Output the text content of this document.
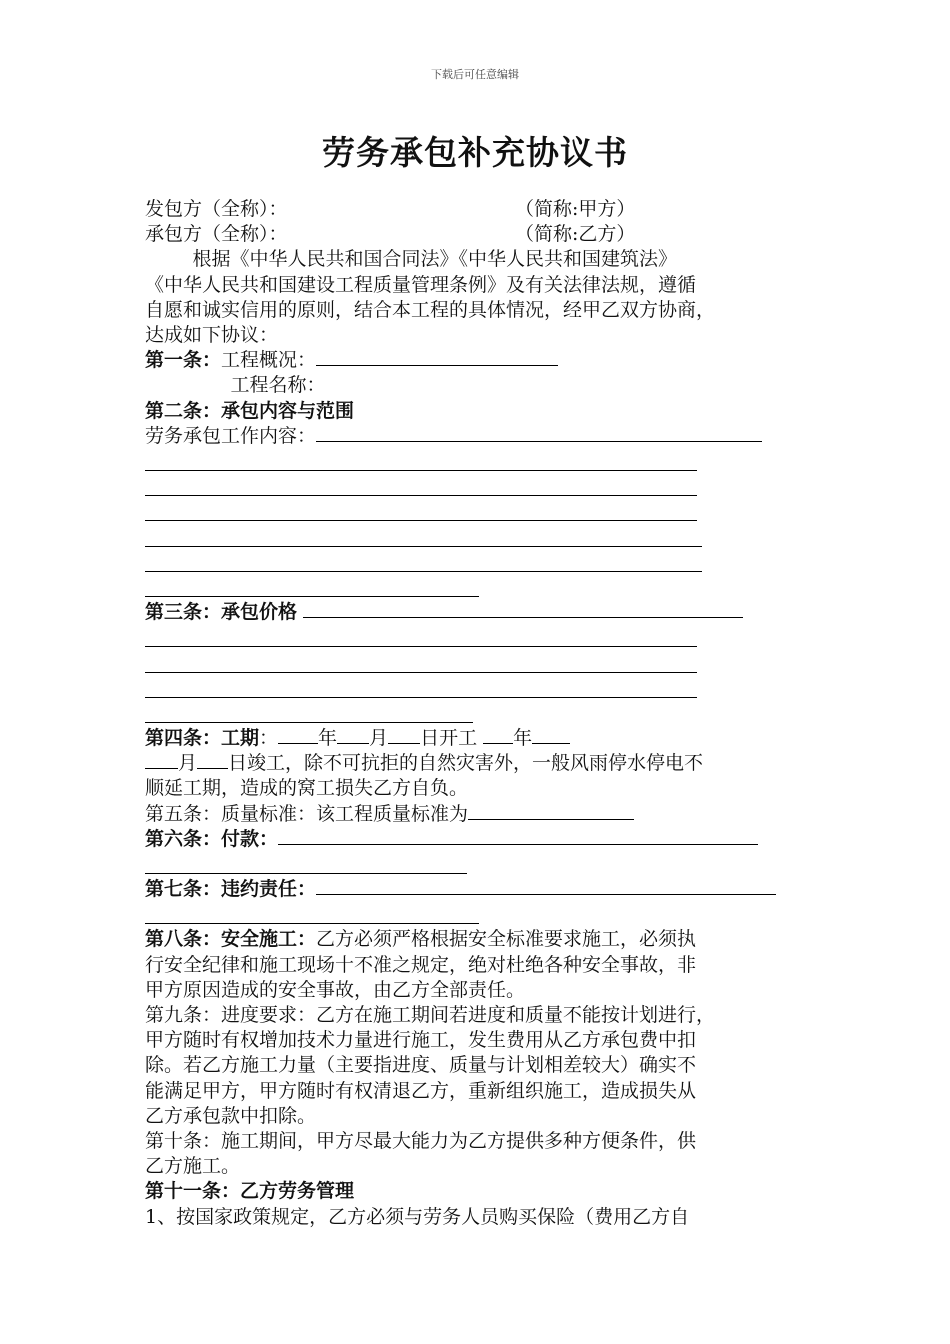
下载后可任意编辑
劳务承包补充协议书

发包方（全称）：	（简称:甲方）

承包方（全称）：	（简称:乙方）

   根据《中华人民共和国合同法》《中华人民共和国建筑法》

《中华人民共和国建设工程质量管理条例》及有关法律法规，遵循

自愿和诚实信用的原则，结合本工程的具体情况，经甲乙双方协商，

达成如下协议：

第一条：工程概况：

     工程名称：

第二条：承包内容与范围

劳务承包工作内容：

第三条：承包价格

第四条：工期： 年 月 日开工 年

月 日竣工，除不可抗拒的自然灾害外，一般风雨停水停电不

顺延工期，造成的窝工损失乙方自负。

第五条：质量标准：该工程质量标准为

第六条：付款：

第七条：违约责任：

第八条：安全施工：乙方必须严格根据安全标准要求施工，必须执

行安全纪律和施工现场十不准之规定，绝对杜绝各种安全事故，非

甲方原因造成的安全事故，由乙方全部责任。

第九条：进度要求：乙方在施工期间若进度和质量不能按计划进行，

甲方随时有权增加技术力量进行施工，发生费用从乙方承包费中扣

除。若乙方施工力量（主要指进度、质量与计划相差较大）确实不

能满足甲方，甲方随时有权清退乙方，重新组织施工，造成损失从

乙方承包款中扣除。

第十条：施工期间，甲方尽最大能力为乙方提供多种方便条件，供

乙方施工。

第十一条：乙方劳务管理

1、按国家政策规定，乙方必须与劳务人员购买保险（费用乙方自
